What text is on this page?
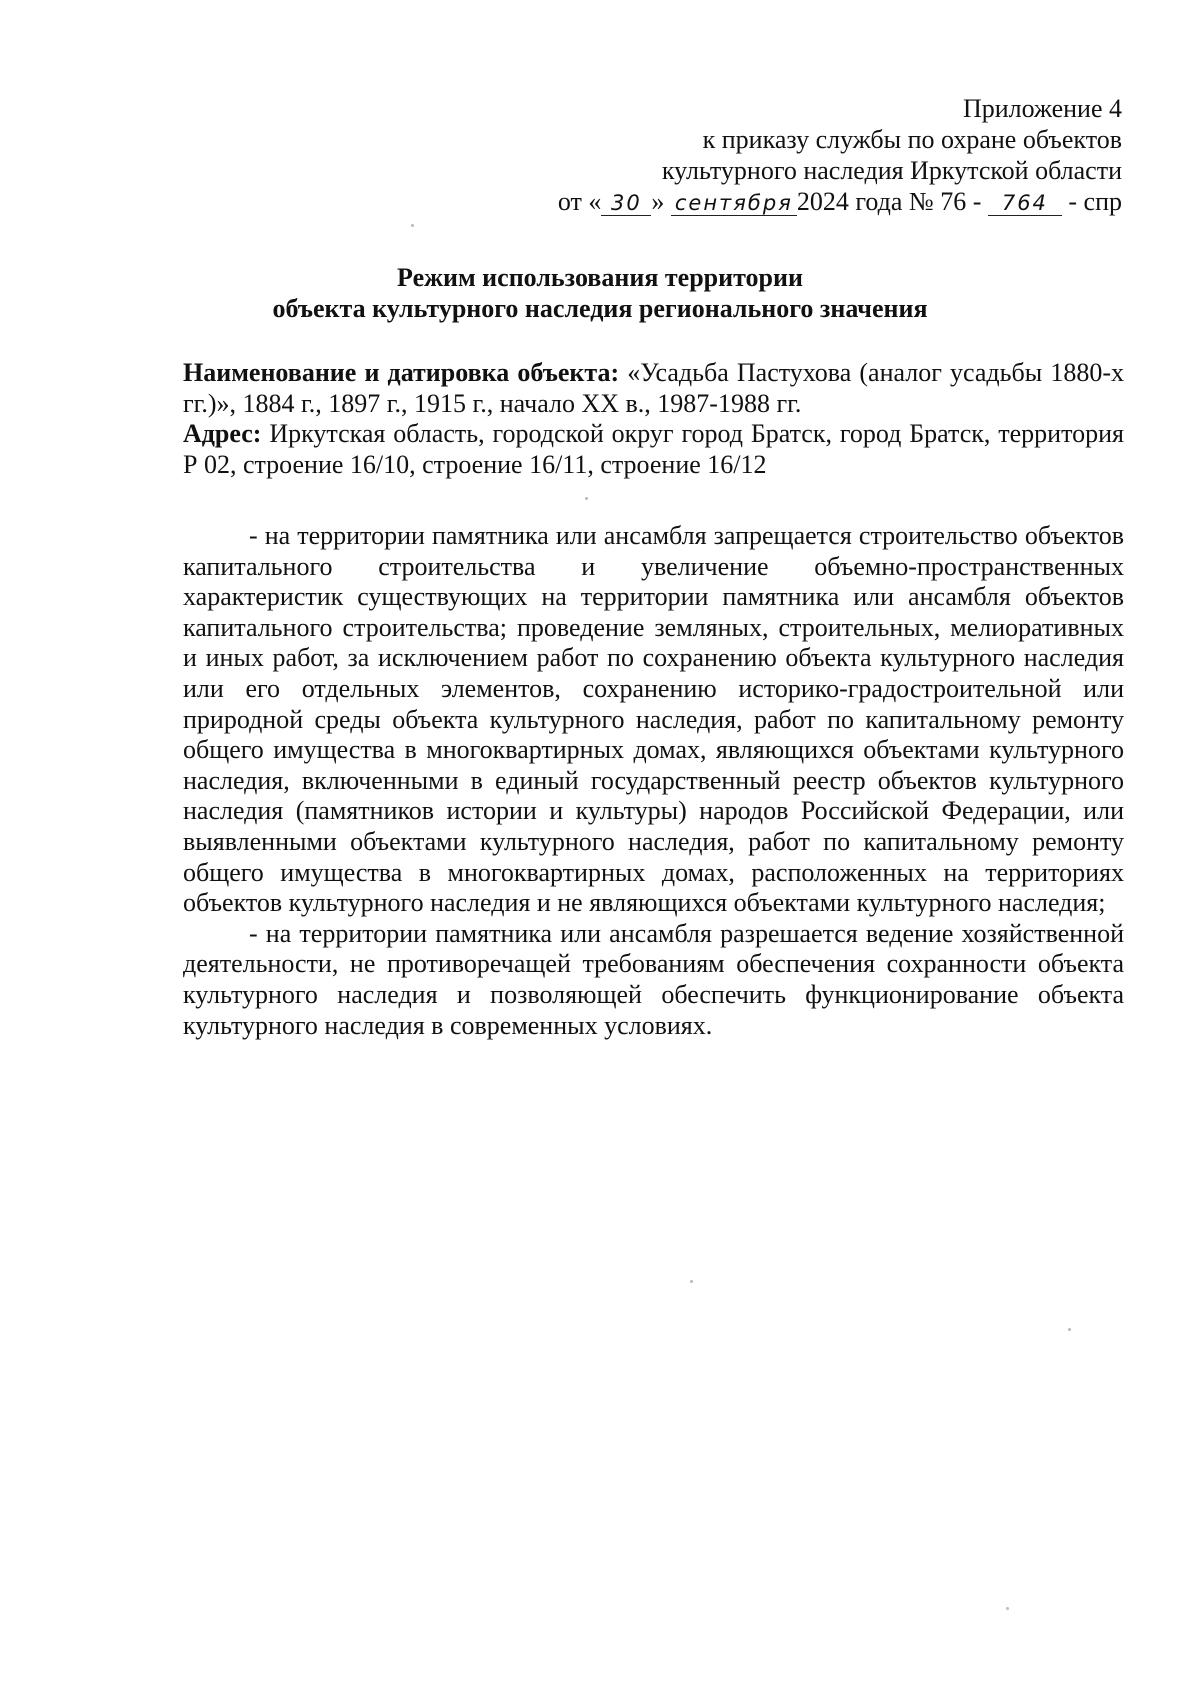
Приложение 4
к приказу службы по охране объектов
культурного наследия Иркутской области
от « 30 » сентября 2024 года № 76 - 764 - спр
Режим использования территории
объекта культурного наследия регионального значения

Наименование и датировка объекта: «Усадьба Пастухова (аналог усадьбы 1880-х гг.)», 1884 г., 1897 г., 1915 г., начало XX в., 1987-1988 гг.

Адрес: Иркутская область, городской округ город Братск, город Братск, территория Р 02, строение 16/10, строение 16/11, строение 16/12

- на территории памятника или ансамбля запрещается строительство объектов капитального строительства и увеличение объемно-пространственных характеристик существующих на территории памятника или ансамбля объектов капитального строительства; проведение земляных, строительных, мелиоративных и иных работ, за исключением работ по сохранению объекта культурного наследия или его отдельных элементов, сохранению историко-градостроительной или природной среды объекта культурного наследия, работ по капитальному ремонту общего имущества в многоквартирных домах, являющихся объектами культурного наследия, включенными в единый государственный реестр объектов культурного наследия (памятников истории и культуры) народов Российской Федерации, или выявленными объектами культурного наследия, работ по капитальному ремонту общего имущества в многоквартирных домах, расположенных на территориях объектов культурного наследия и не являющихся объектами культурного наследия;

- на территории памятника или ансамбля разрешается ведение хозяйственной деятельности, не противоречащей требованиям обеспечения сохранности объекта культурного наследия и позволяющей обеспечить функционирование объекта культурного наследия в современных условиях.
